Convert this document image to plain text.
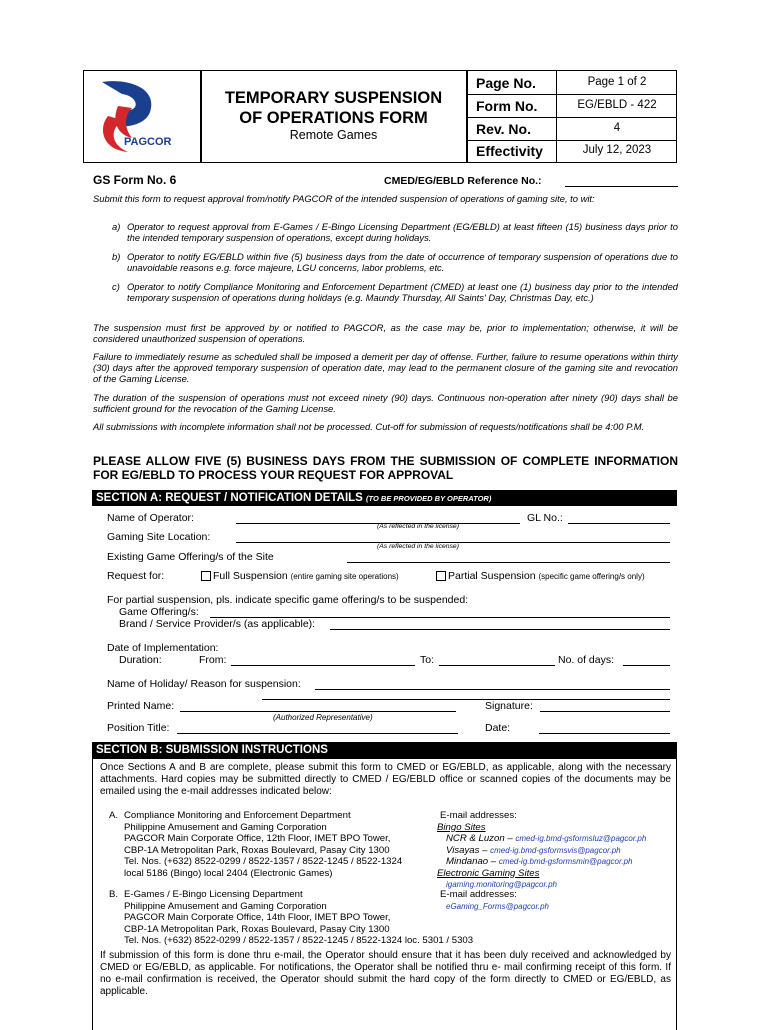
PAGCOR
TEMPORARY SUSPENSION
OF OPERATIONS FORM
Remote Games
Page No.	Page 1 of 2
Form No.	EG/EBLD - 422
Rev. No.	4
Effectivity	July 12, 2023
GS Form No. 6	CMED/EG/EBLD Reference No.:
Submit this form to request approval from/notify PAGCOR of the intended suspension of operations of gaming site, to wit:
a) Operator to request approval from E-Games / E-Bingo Licensing Department (EG/EBLD) at least fifteen (15) business days prior to the intended temporary suspension of operations, except during holidays.
b) Operator to notify EG/EBLD within five (5) business days from the date of occurrence of temporary suspension of operations due to unavoidable reasons e.g. force majeure, LGU concerns, labor problems, etc.
c) Operator to notify Compliance Monitoring and Enforcement Department (CMED) at least one (1) business day prior to the intended temporary suspension of operations during holidays (e.g. Maundy Thursday, All Saints' Day, Christmas Day, etc.)
The suspension must first be approved by or notified to PAGCOR, as the case may be, prior to implementation; otherwise, it will be considered unauthorized suspension of operations.
Failure to immediately resume as scheduled shall be imposed a demerit per day of offense. Further, failure to resume operations within thirty (30) days after the approved temporary suspension of operation date, may lead to the permanent closure of the gaming site and revocation of the Gaming License.
The duration of the suspension of operations must not exceed ninety (90) days. Continuous non-operation after ninety (90) days shall be sufficient ground for the revocation of the Gaming License.
All submissions with incomplete information shall not be processed. Cut-off for submission of requests/notifications shall be 4:00 P.M.
PLEASE ALLOW FIVE (5) BUSINESS DAYS FROM THE SUBMISSION OF COMPLETE INFORMATION FOR EG/EBLD TO PROCESS YOUR REQUEST FOR APPROVAL
SECTION A: REQUEST / NOTIFICATION DETAILS (TO BE PROVIDED BY OPERATOR)
Name of Operator:
(As reflected in the license)
GL No.:
Gaming Site Location:
(As reflected in the license)
Existing Game Offering/s of the Site
Request for:	Full Suspension (entire gaming site operations)	Partial Suspension (specific game offering/s only)
For partial suspension, pls. indicate specific game offering/s to be suspended:
Game Offering/s:
Brand / Service Provider/s (as applicable):
Date of Implementation:
Duration:	From:	To:	No. of days:
Name of Holiday/ Reason for suspension:
Printed Name:
(Authorized Representative)
Signature:
Position Title:	Date:
SECTION B: SUBMISSION INSTRUCTIONS
Once Sections A and B are complete, please submit this form to CMED or EG/EBLD, as applicable, along with the necessary attachments. Hard copies may be submitted directly to CMED / EG/EBLD office or scanned copies of the documents may be emailed using the e-mail addresses indicated below:
A. Compliance Monitoring and Enforcement Department
Philippine Amusement and Gaming Corporation
PAGCOR Main Corporate Office, 12th Floor, IMET BPO Tower,
CBP-1A Metropolitan Park, Roxas Boulevard, Pasay City 1300
Tel. Nos. (+632) 8522-0299 / 8522-1357 / 8522-1245 / 8522-1324
local 5186 (Bingo) local 2404 (Electronic Games)
E-mail addresses:
Bingo Sites
NCR & Luzon – cmed-ig.bmd-gsformsluz@pagcor.ph
Visayas – cmed-ig.bmd-gsformsvis@pagcor.ph
Mindanao – cmed-ig.bmd-gsformsmin@pagcor.ph
Electronic Gaming Sites
igaming.monitoring@pagcor.ph
B. E-Games / E-Bingo Licensing Department
Philippine Amusement and Gaming Corporation
PAGCOR Main Corporate Office, 14th Floor, IMET BPO Tower,
CBP-1A Metropolitan Park, Roxas Boulevard, Pasay City 1300
Tel. Nos. (+632) 8522-0299 / 8522-1357 / 8522-1245 / 8522-1324 loc. 5301 / 5303
E-mail addresses:
eGaming_Forms@pagcor.ph
If submission of this form is done thru e-mail, the Operator should ensure that it has been duly received and acknowledged by CMED or EG/EBLD, as applicable. For notifications, the Operator shall be notified thru e- mail confirming receipt of this form. If no e-mail confirmation is received, the Operator should submit the hard copy of the form directly to CMED or EG/EBLD, as applicable.
